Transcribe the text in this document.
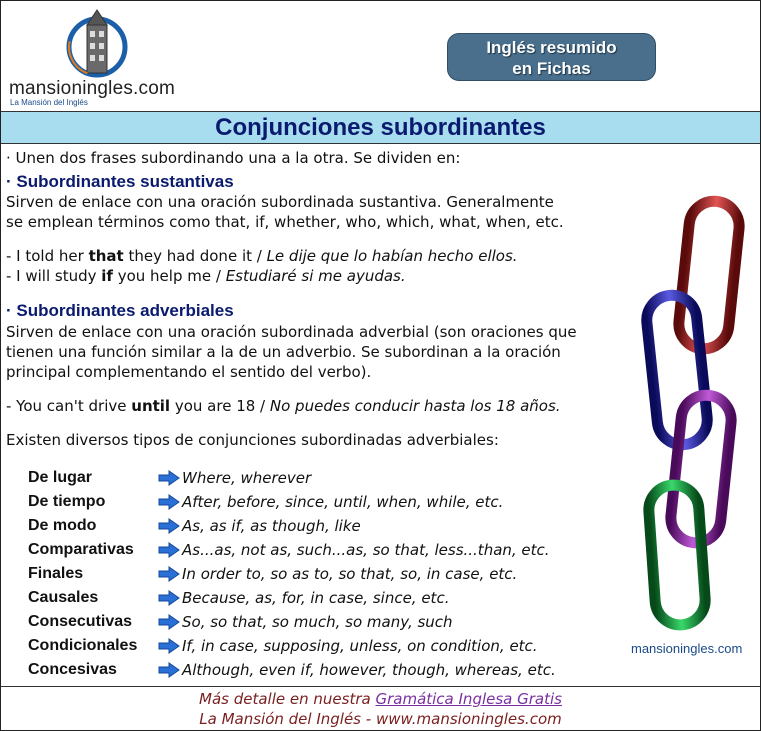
mansioningles.com
La Mansión del Inglés
Inglés resumido
en Fichas
Conjunciones subordinantes
· Unen dos frases subordinando una a la otra. Se dividen en:
· Subordinantes sustantivas
Sirven de enlace con una oración subordinada sustantiva. Generalmente
se emplean términos como that, if, whether, who, which, what, when, etc.
- I told her that they had done it / Le dije que lo habían hecho ellos.
- I will study if you help me / Estudiaré si me ayudas.
· Subordinantes adverbiales
Sirven de enlace con una oración subordinada adverbial (son oraciones que
tienen una función similar a la de un adverbio. Se subordinan a la oración
principal complementando el sentido del verbo).
- You can't drive until you are 18 / No puedes conducir hasta los 18 años.
Existen diversos tipos de conjunciones subordinadas adverbiales:
De lugar	Where, wherever
De tiempo	After, before, since, until, when, while, etc.
De modo	As, as if, as though, like
Comparativas	As...as, not as, such...as, so that, less...than, etc.
Finales	In order to, so as to, so that, so, in case, etc.
Causales	Because, as, for, in case, since, etc.
Consecutivas	So, so that, so much, so many, such
Condicionales	If, in case, supposing, unless, on condition, etc.
Concesivas	Although, even if, however, though, whereas, etc.
mansioningles.com
Más detalle en nuestra Gramática Inglesa Gratis
La Mansión del Inglés - www.mansioningles.com
